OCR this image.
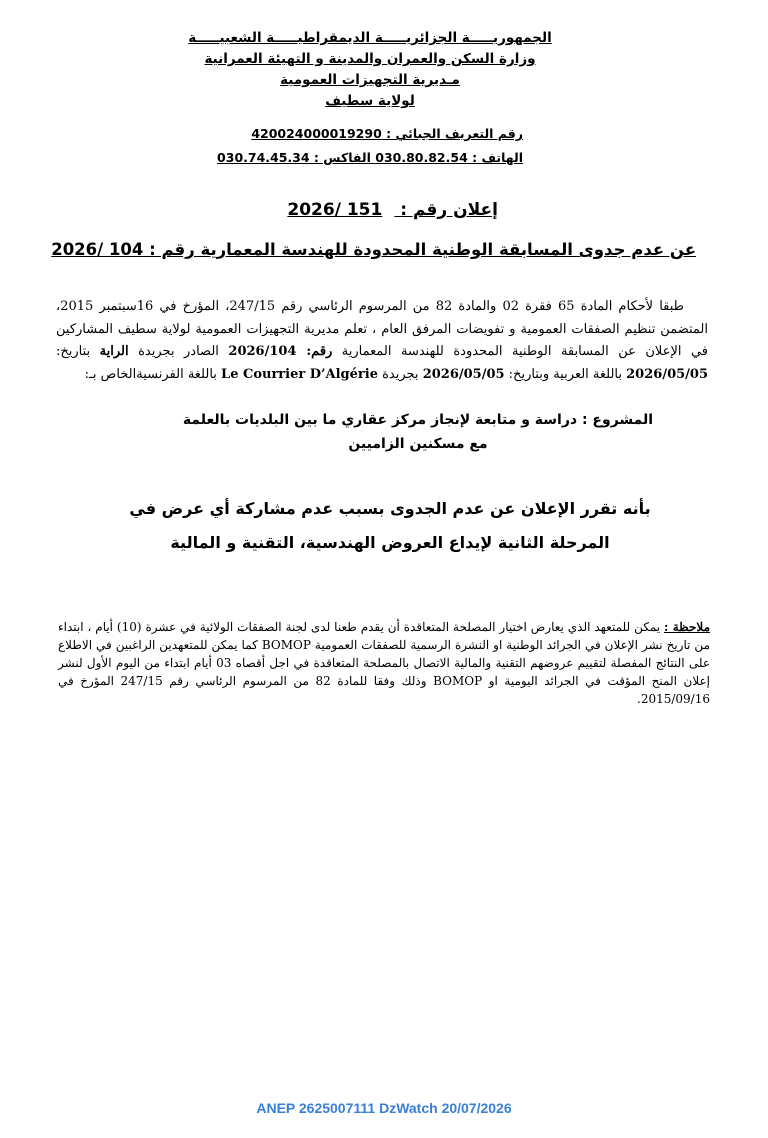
الجمهوريـــــة الجزائريـــــة الديمقراطيـــــة الشعبيـــــة
وزارة السكن والعمران والمدينة و التهيئة العمرانية
مـديرية التجهيزات العمومية
لولاية سطيف
رقم التعريف الجبائي : 420024000019290
الهاتف : 030.80.82.54 الفاكس : 030.74.45.34
إعلان رقم : 151 /2026
عن عدم جدوى المسابقة الوطنية المحدودة للهندسة المعمارية رقم : 104 /2026

طبقا لأحكام المادة 65 فقرة 02 والمادة 82 من المرسوم الرئاسي رقم 247/15، المؤرخ في 16سبتمبر 2015، المتضمن تنظيم الصفقات العمومية و تفويضات المرفق العام ، تعلم مديرية التجهيزات العمومية لولاية سطيف المشاركين في الإعلان عن المسابقة الوطنية المحدودة للهندسة المعمارية رقم: 2026/104 الصادر بجريدة الراية بتاريخ: 2026/05/05 باللغة العربية وبتاريخ: 2026/05/05 بجريدة Le Courrier D’Algérie باللغة الفرنسيةالخاص بـ:

المشروع : دراسة و متابعة لإنجاز مركز عقاري ما بين البلديات بالعلمة
مع مسكنين الزاميين
بأنه تقرر الإعلان عن عدم الجدوى بسبب عدم مشاركة أي عرض في
المرحلة الثانية لإيداع العروض الهندسية، التقنية و المالية
ملاحظة : يمكن للمتعهد الذي يعارض اختيار المصلحة المتعاقدة أن يقدم طعنا لدى لجنة الصفقات الولائية في عشرة (10) أيام ، ابتداء من تاريخ نشر الإعلان في الجرائد الوطنية او النشرة الرسمية للصفقات العمومية BOMOP كما يمكن للمتعهدين الراغبين في الاطلاع على النتائج المفصلة لتقييم عروضهم التقنية والمالية الاتصال بالمصلحة المتعاقدة في اجل أقصاه 03 أيام ابتداء من اليوم الأول لنشر إعلان المنح المؤقت في الجرائد اليومية او BOMOP وذلك وفقا للمادة 82 من المرسوم الرئاسي رقم 247/15 المؤرخ في 2015/09/16.
ANEP 2625007111 DzWatch 20/07/2026
